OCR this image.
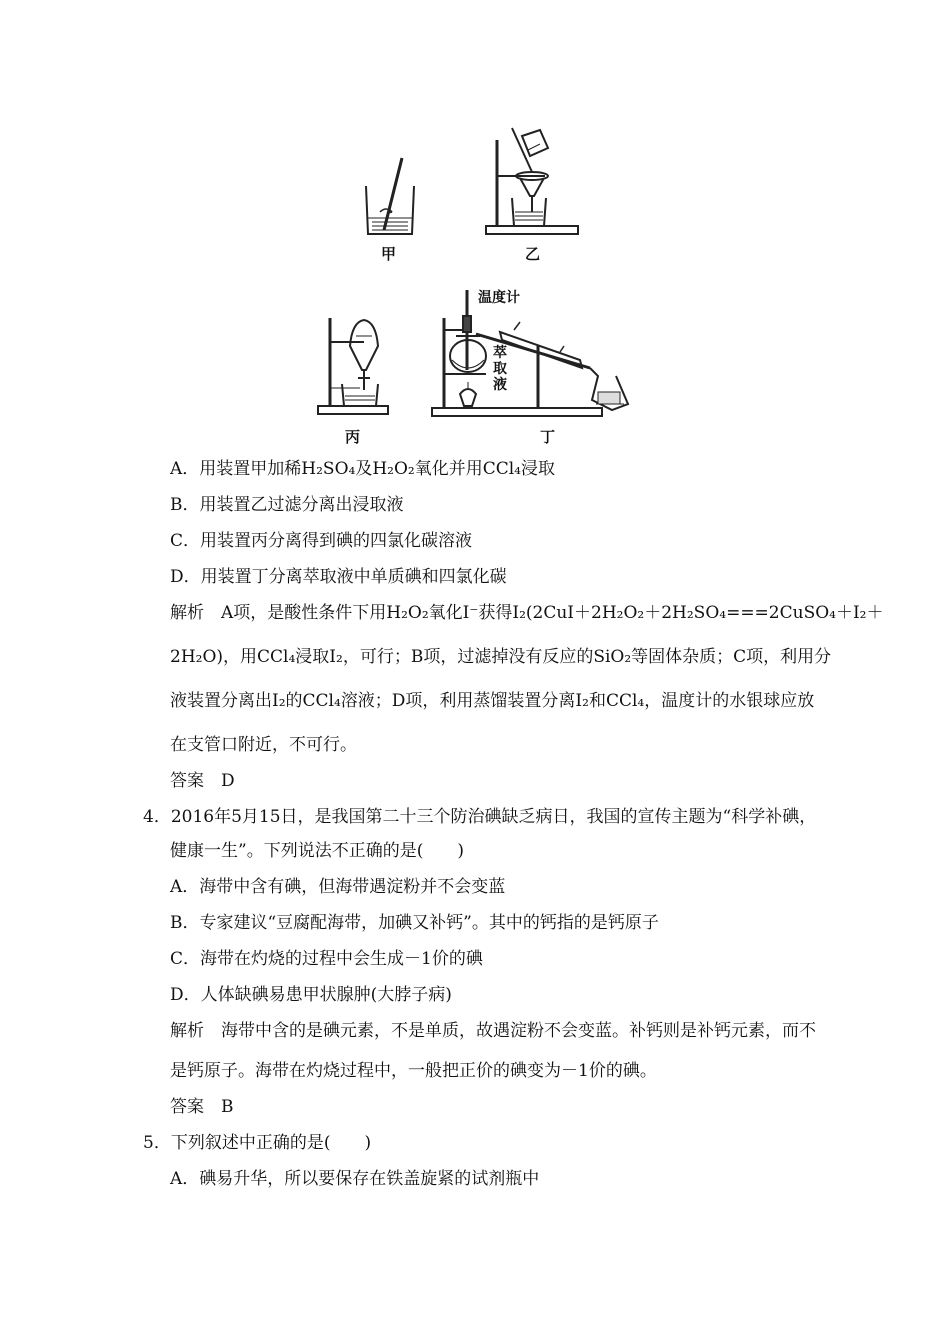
甲	乙
丙	丁
温度计
萃
取
液
A．用装置甲加稀H₂SO₄及H₂O₂氧化并用CCl₄浸取
B．用装置乙过滤分离出浸取液
C．用装置丙分离得到碘的四氯化碳溶液
D．用装置丁分离萃取液中单质碘和四氯化碳
解析　A项，是酸性条件下用H₂O₂氧化I⁻获得I₂(2CuI＋2H₂O₂＋2H₂SO₄===2CuSO₄＋I₂＋
2H₂O)，用CCl₄浸取I₂，可行；B项，过滤掉没有反应的SiO₂等固体杂质；C项，利用分
液装置分离出I₂的CCl₄溶液；D项，利用蒸馏装置分离I₂和CCl₄，温度计的水银球应放
在支管口附近，不可行。
答案　D
4．2016年5月15日，是我国第二十三个防治碘缺乏病日，我国的宣传主题为“科学补碘，
健康一生”。下列说法不正确的是(　　)
A．海带中含有碘，但海带遇淀粉并不会变蓝
B．专家建议“豆腐配海带，加碘又补钙”。其中的钙指的是钙原子
C．海带在灼烧的过程中会生成－1价的碘
D．人体缺碘易患甲状腺肿(大脖子病)
解析　海带中含的是碘元素，不是单质，故遇淀粉不会变蓝。补钙则是补钙元素，而不
是钙原子。海带在灼烧过程中，一般把正价的碘变为－1价的碘。
答案　B
5．下列叙述中正确的是(　　)
A．碘易升华，所以要保存在铁盖旋紧的试剂瓶中
